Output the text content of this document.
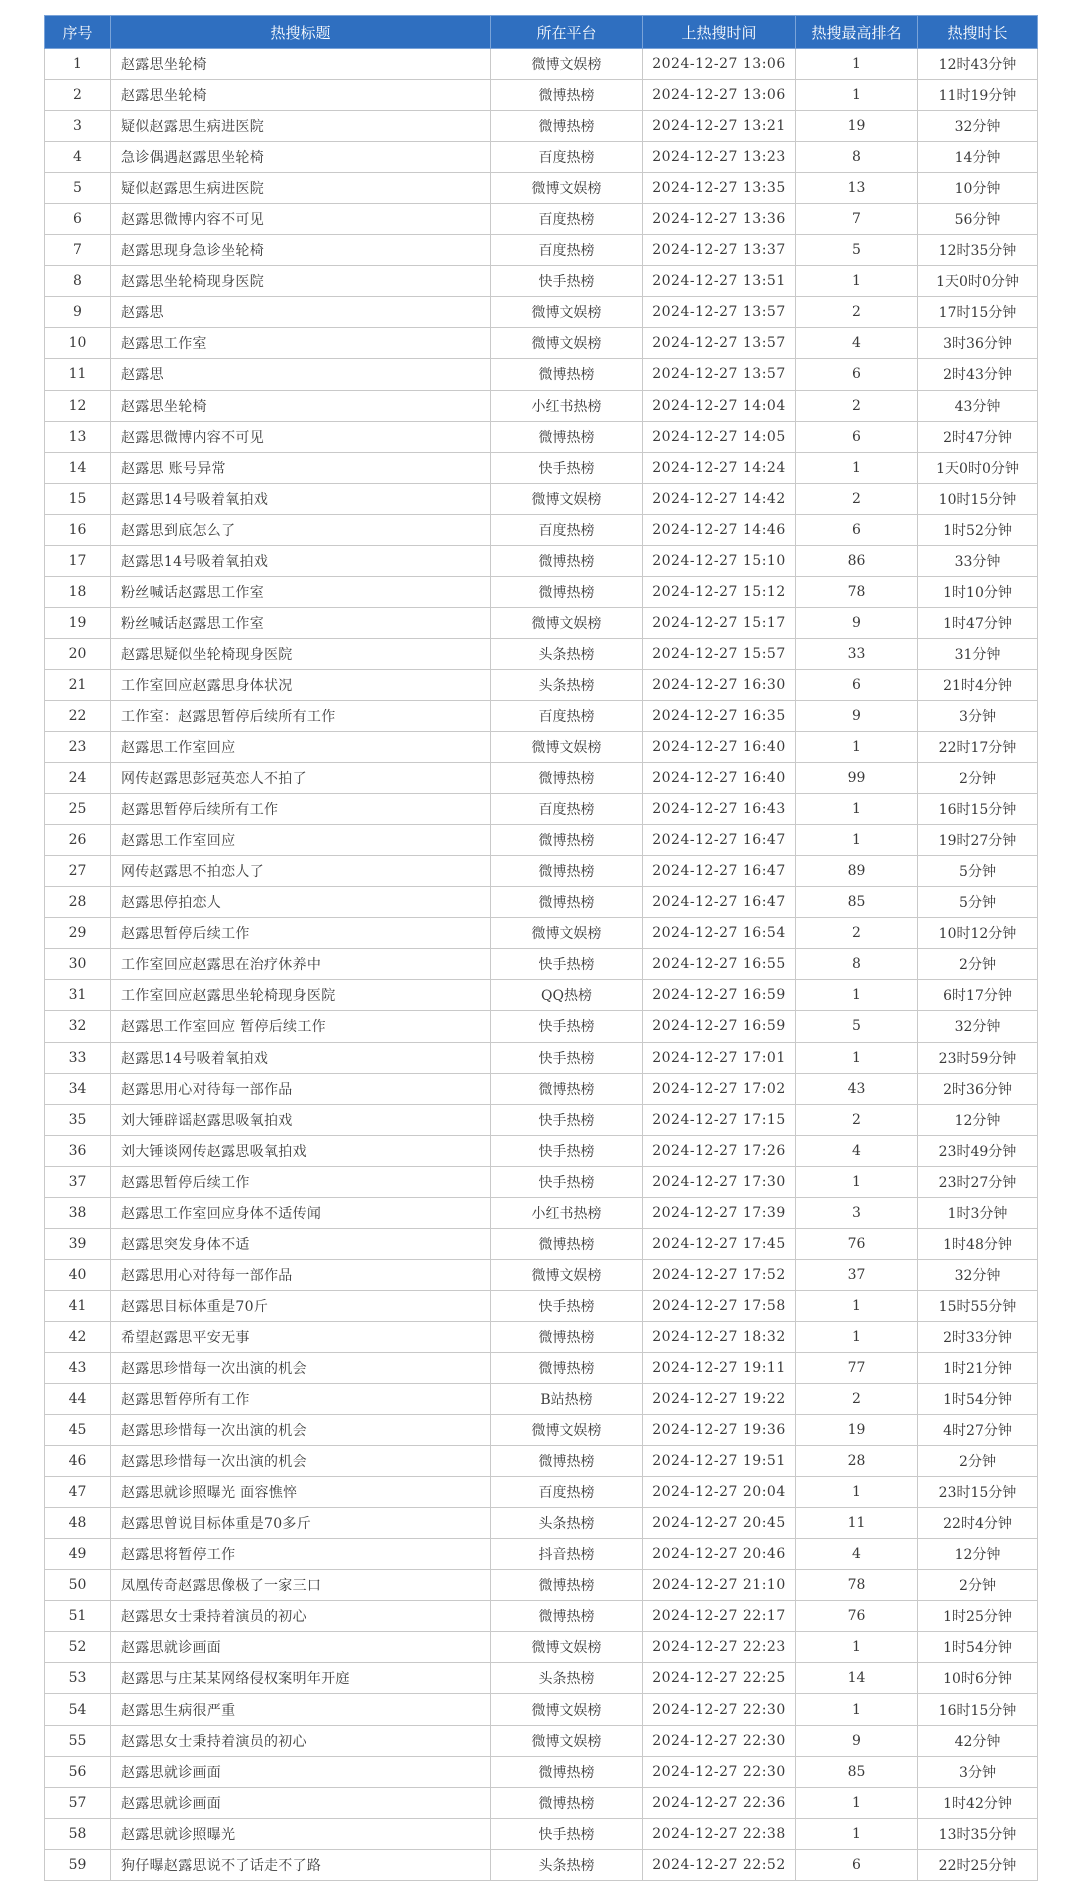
序号	热搜标题	所在平台	上热搜时间	热搜最高排名	热搜时长
1	赵露思坐轮椅	微博文娱榜	2024-12-27 13:06	1	12时43分钟
2	赵露思坐轮椅	微博热榜	2024-12-27 13:06	1	11时19分钟
3	疑似赵露思生病进医院	微博热榜	2024-12-27 13:21	19	32分钟
4	急诊偶遇赵露思坐轮椅	百度热榜	2024-12-27 13:23	8	14分钟
5	疑似赵露思生病进医院	微博文娱榜	2024-12-27 13:35	13	10分钟
6	赵露思微博内容不可见	百度热榜	2024-12-27 13:36	7	56分钟
7	赵露思现身急诊坐轮椅	百度热榜	2024-12-27 13:37	5	12时35分钟
8	赵露思坐轮椅现身医院	快手热榜	2024-12-27 13:51	1	1天0时0分钟
9	赵露思	微博文娱榜	2024-12-27 13:57	2	17时15分钟
10	赵露思工作室	微博文娱榜	2024-12-27 13:57	4	3时36分钟
11	赵露思	微博热榜	2024-12-27 13:57	6	2时43分钟
12	赵露思坐轮椅	小红书热榜	2024-12-27 14:04	2	43分钟
13	赵露思微博内容不可见	微博热榜	2024-12-27 14:05	6	2时47分钟
14	赵露思 账号异常	快手热榜	2024-12-27 14:24	1	1天0时0分钟
15	赵露思14号吸着氧拍戏	微博文娱榜	2024-12-27 14:42	2	10时15分钟
16	赵露思到底怎么了	百度热榜	2024-12-27 14:46	6	1时52分钟
17	赵露思14号吸着氧拍戏	微博热榜	2024-12-27 15:10	86	33分钟
18	粉丝喊话赵露思工作室	微博热榜	2024-12-27 15:12	78	1时10分钟
19	粉丝喊话赵露思工作室	微博文娱榜	2024-12-27 15:17	9	1时47分钟
20	赵露思疑似坐轮椅现身医院	头条热榜	2024-12-27 15:57	33	31分钟
21	工作室回应赵露思身体状况	头条热榜	2024-12-27 16:30	6	21时4分钟
22	工作室：赵露思暂停后续所有工作	百度热榜	2024-12-27 16:35	9	3分钟
23	赵露思工作室回应	微博文娱榜	2024-12-27 16:40	1	22时17分钟
24	网传赵露思彭冠英恋人不拍了	微博热榜	2024-12-27 16:40	99	2分钟
25	赵露思暂停后续所有工作	百度热榜	2024-12-27 16:43	1	16时15分钟
26	赵露思工作室回应	微博热榜	2024-12-27 16:47	1	19时27分钟
27	网传赵露思不拍恋人了	微博热榜	2024-12-27 16:47	89	5分钟
28	赵露思停拍恋人	微博热榜	2024-12-27 16:47	85	5分钟
29	赵露思暂停后续工作	微博文娱榜	2024-12-27 16:54	2	10时12分钟
30	工作室回应赵露思在治疗休养中	快手热榜	2024-12-27 16:55	8	2分钟
31	工作室回应赵露思坐轮椅现身医院	QQ热榜	2024-12-27 16:59	1	6时17分钟
32	赵露思工作室回应 暂停后续工作	快手热榜	2024-12-27 16:59	5	32分钟
33	赵露思14号吸着氧拍戏	快手热榜	2024-12-27 17:01	1	23时59分钟
34	赵露思用心对待每一部作品	微博热榜	2024-12-27 17:02	43	2时36分钟
35	刘大锤辟谣赵露思吸氧拍戏	快手热榜	2024-12-27 17:15	2	12分钟
36	刘大锤谈网传赵露思吸氧拍戏	快手热榜	2024-12-27 17:26	4	23时49分钟
37	赵露思暂停后续工作	快手热榜	2024-12-27 17:30	1	23时27分钟
38	赵露思工作室回应身体不适传闻	小红书热榜	2024-12-27 17:39	3	1时3分钟
39	赵露思突发身体不适	微博热榜	2024-12-27 17:45	76	1时48分钟
40	赵露思用心对待每一部作品	微博文娱榜	2024-12-27 17:52	37	32分钟
41	赵露思目标体重是70斤	快手热榜	2024-12-27 17:58	1	15时55分钟
42	希望赵露思平安无事	微博热榜	2024-12-27 18:32	1	2时33分钟
43	赵露思珍惜每一次出演的机会	微博热榜	2024-12-27 19:11	77	1时21分钟
44	赵露思暂停所有工作	B站热榜	2024-12-27 19:22	2	1时54分钟
45	赵露思珍惜每一次出演的机会	微博文娱榜	2024-12-27 19:36	19	4时27分钟
46	赵露思珍惜每一次出演的机会	微博热榜	2024-12-27 19:51	28	2分钟
47	赵露思就诊照曝光 面容憔悴	百度热榜	2024-12-27 20:04	1	23时15分钟
48	赵露思曾说目标体重是70多斤	头条热榜	2024-12-27 20:45	11	22时4分钟
49	赵露思将暂停工作	抖音热榜	2024-12-27 20:46	4	12分钟
50	凤凰传奇赵露思像极了一家三口	微博热榜	2024-12-27 21:10	78	2分钟
51	赵露思女士秉持着演员的初心	微博热榜	2024-12-27 22:17	76	1时25分钟
52	赵露思就诊画面	微博文娱榜	2024-12-27 22:23	1	1时54分钟
53	赵露思与庄某某网络侵权案明年开庭	头条热榜	2024-12-27 22:25	14	10时6分钟
54	赵露思生病很严重	微博文娱榜	2024-12-27 22:30	1	16时15分钟
55	赵露思女士秉持着演员的初心	微博文娱榜	2024-12-27 22:30	9	42分钟
56	赵露思就诊画面	微博热榜	2024-12-27 22:30	85	3分钟
57	赵露思就诊画面	微博热榜	2024-12-27 22:36	1	1时42分钟
58	赵露思就诊照曝光	快手热榜	2024-12-27 22:38	1	13时35分钟
59	狗仔曝赵露思说不了话走不了路	头条热榜	2024-12-27 22:52	6	22时25分钟
